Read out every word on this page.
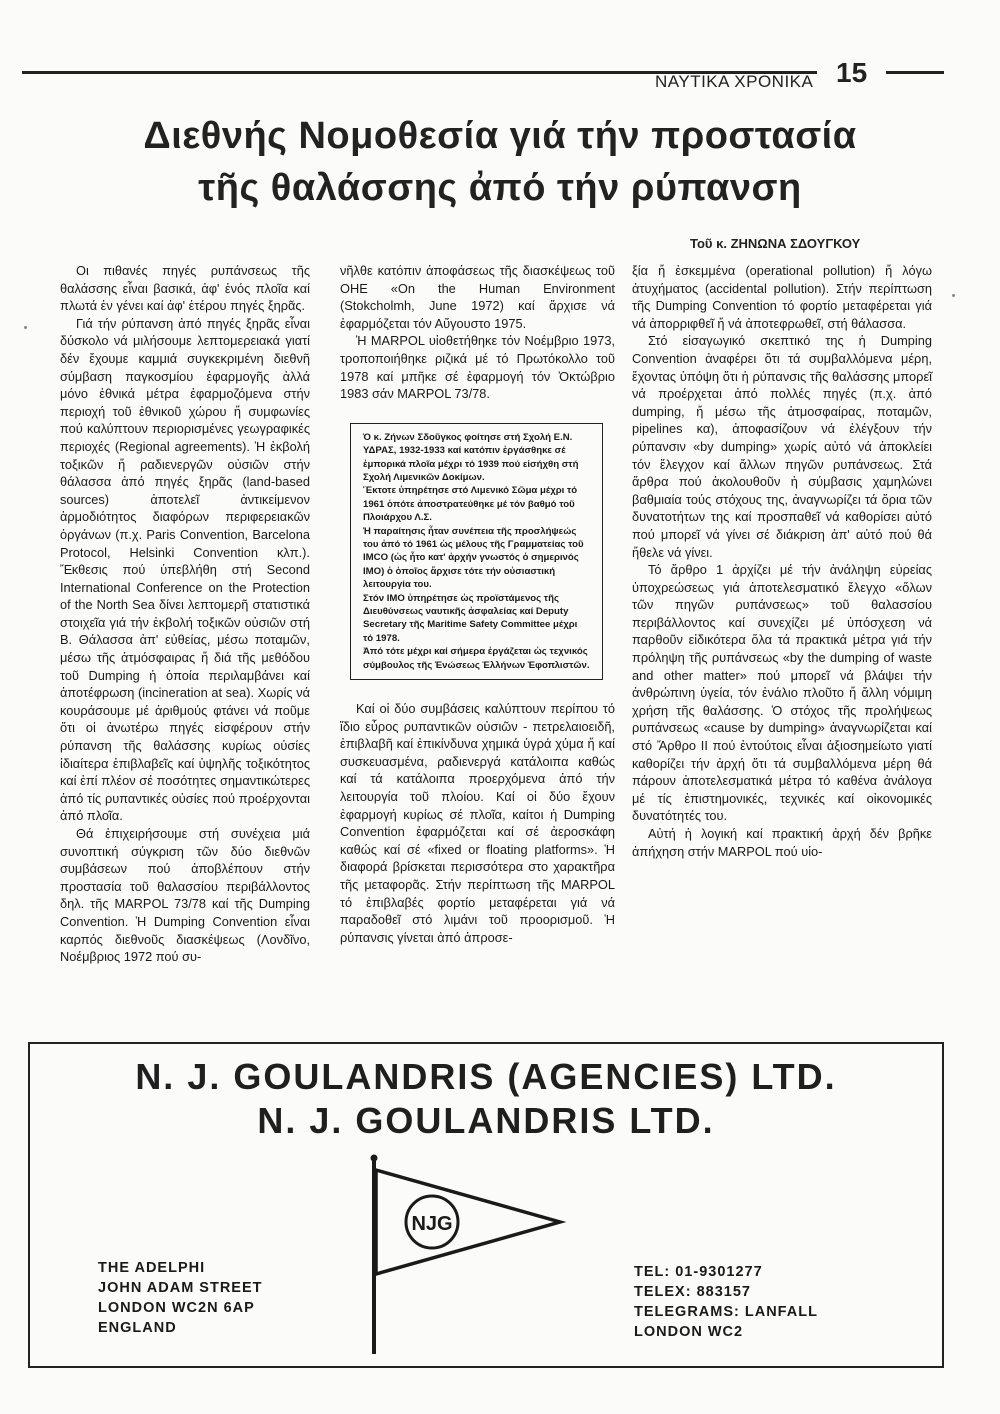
ΝΑΥΤΙΚΑ ΧΡΟΝΙΚΑ 15
Διεθνής Νομοθεσία γιά τήν προστασία
τῆς θαλάσσης ἀπό τήν ρύπανση
Τοῦ κ. ΖΗΝΩΝΑ ΣΔΟΥΓΚΟΥ

Οι πιθανές πηγές ρυπάνσεως τῆς θαλάσσης εἶναι βασικά, ἀφ' ἑνός πλοῖα καί πλωτά ἐν γένει καί ἀφ' ἑτέρου πηγές ξηρᾶς.

Γιά τήν ρύπανση ἀπό πηγές ξηρᾶς εἶναι δύσκολο νά μιλήσουμε λεπτομερειακά γιατί δέν ἔχουμε καμμιά συγκεκριμένη διεθνῆ σύμβαση παγκοσμίου ἐφαρμογῆς ἀλλά μόνο ἐθνικά μέτρα ἐφαρμοζόμενα στήν περιοχή τοῦ ἐθνικοῦ χώρου ἤ συμφωνίες πού καλύπτουν περιορισμένες γεωγραφικές περιοχές (Regional agreements). Ἡ ἐκβολή τοξικῶν ἤ ραδιενεργῶν οὐσιῶν στήν θάλασσα ἀπό πηγές ξηρᾶς (land-based sources) ἀποτελεῖ ἀντικείμενον ἁρμοδιότητος διαφόρων περιφερειακῶν ὀργάνων (π.χ. Paris Convention, Barcelona Protocol, Helsinki Convention κλπ.). Ἔκθεσις πού ὑπεβλήθη στή Second International Conference on the Protection of the North Sea δίνει λεπτομερῆ στατιστικά στοιχεῖα γιά τήν ἐκβολή τοξικῶν οὐσιῶν στή Β. Θάλασσα ἀπ' εὐθείας, μέσω ποταμῶν, μέσω τῆς ἀτμόσφαιρας ἤ διά τῆς μεθόδου τοῦ Dumping ἡ ὁποία περιλαμβάνει καί ἀποτέφρωση (incineration at sea). Χωρίς νά κουράσουμε μέ ἀριθμούς φτάνει νά ποῦμε ὅτι οἱ ἀνωτέρω πηγές εἰσφέρουν στήν ρύπανση τῆς θαλάσσης κυρίως οὐσίες ἰδιαίτερα ἐπιβλαβεῖς καί ὑψηλῆς τοξικότητος καί ἐπί πλέον σέ ποσότητες σημαντικώτερες ἀπό τίς ρυπαντικές οὐσίες πού προέρχονται ἀπό πλοῖα.

Θά ἐπιχειρήσουμε στή συνέχεια μιά συνοπτική σύγκριση τῶν δύο διεθνῶν συμβάσεων πού ἀποβλέπουν στήν προστασία τοῦ θαλασσίου περιβάλλοντος δηλ. τῆς MARPOL 73/78 καί τῆς Dumping Convention. Ἡ Dumping Convention εἶναι καρπός διεθνοῦς διασκέψεως (Λονδῖνο, Νοέμβριος 1972 πού συ-

νῆλθε κατόπιν ἀποφάσεως τῆς διασκέψεως τοῦ ΟΗΕ «On the Human Environment (Stokcholmh, June 1972) καί ἄρχισε νά ἐφαρμόζεται τόν Αὔγουστο 1975.

Ἡ MARPOL υἱοθετήθηκε τόν Νοέμβριο 1973, τροποποιήθηκε ριζικά μέ τό Πρωτόκολλο τοῦ 1978 καί μπῆκε σέ ἐφαρμογή τόν Ὀκτώβριο 1983 σάν MARPOL 73/78.

Ὁ κ. Ζήνων Σδοῦγκος φοίτησε στή Σχολή Ε.Ν. ΥΔΡΑΣ, 1932-1933 καί κατόπιν ἐργάσθηκε σέ ἐμπορικά πλοῖα μέχρι τό 1939 πού εἰσήχθη στή Σχολή Λιμενικῶν Δοκίμων.

Ἔκτοτε ὑπηρέτησε στό Λιμενικό Σῶμα μέχρι τό 1961 ὁπότε ἀποστρατεύθηκε μέ τόν βαθμό τοῦ Πλοιάρχου Λ.Σ.

Ἡ παραίτησις ἦταν συνέπεια τῆς προσλήψεώς του ἀπό τό 1961 ὡς μέλους τῆς Γραμματείας τοῦ IMCO (ὡς ἦτο κατ' ἀρχήν γνωστός ὁ σημερινός IMO) ὁ ὁποῖος ἄρχισε τότε τήν οὐσιαστική λειτουργία του.

Στόν IMO ὑπηρέτησε ὡς προϊστάμενος τῆς Διευθύνσεως ναυτικῆς ἀσφαλείας καί Deputy Secretary τῆς Maritime Safety Committee μέχρι τό 1978.

Ἀπό τότε μέχρι καί σήμερα ἐργάζεται ὡς τεχνικός σύμβουλος τῆς Ἑνώσεως Ἑλλήνων Ἐφοπλιστῶν.

Καί οἱ δύο συμβάσεις καλύπτουν περίπου τό ἴδιο εὖρος ρυπαντικῶν οὐσιῶν - πετρελαιοειδῆ, ἐπιβλαβῆ καί ἐπικίνδυνα χημικά ὑγρά χύμα ἤ καί συσκευασμένα, ραδιενεργά κατάλοιπα καθώς καί τά κατάλοιπα προερχόμενα ἀπό τήν λειτουργία τοῦ πλοίου. Καί οἱ δύο ἔχουν ἐφαρμογή κυρίως σέ πλοῖα, καίτοι ἡ Dumping Convention ἐφαρμόζεται καί σέ ἀεροσκάφη καθώς καί σέ «fixed or floating platforms». Ἡ διαφορά βρίσκεται περισσότερα στο χαρακτῆρα τῆς μεταφορᾶς. Στήν περίπτωση τῆς MARPOL τό ἐπιβλαβές φορτίο μεταφέρεται γιά νά παραδοθεῖ στό λιμάνι τοῦ προορισμοῦ. Ἡ ρύπανσις γίνεται ἀπό ἀπροσε-

ξία ἤ ἐσκεμμένα (operational pollution) ἤ λόγω ἀτυχήματος (accidental pollution). Στήν περίπτωση τῆς Dumping Convention τό φορτίο μεταφέρεται γιά νά ἀπορριφθεῖ ἤ νά ἀποτεφρωθεῖ, στή θάλασσα.

Στό εἰσαγωγικό σκεπτικό της ἡ Dumping Convention ἀναφέρει ὅτι τά συμβαλλόμενα μέρη, ἔχοντας ὑπόψη ὅτι ἡ ρύπανσις τῆς θαλάσσης μπορεῖ νά προέρχεται ἀπό πολλές πηγές (π.χ. ἀπό dumping, ἤ μέσω τῆς ἀτμοσφαίρας, ποταμῶν, pipelines κα), ἀποφασίζουν νά ἐλέγξουν τήν ρύπανσιν «by dumping» χωρίς αὐτό νά ἀποκλείει τόν ἔλεγχον καί ἄλλων πηγῶν ρυπάνσεως. Στά ἄρθρα πού ἀκολουθοῦν ἡ σύμβασις χαμηλώνει βαθμιαία τούς στόχους της, ἀναγνωρίζει τά ὅρια τῶν δυνατοτήτων της καί προσπαθεῖ νά καθορίσει αὐτό πού μπορεῖ νά γίνει σέ διάκριση ἀπ' αὐτό πού θά ἤθελε νά γίνει.

Τό ἄρθρο 1 ἀρχίζει μέ τήν ἀνάληψη εὐρείας ὑποχρεώσεως γιά ἀποτελεσματικό ἔλεγχο «ὅλων τῶν πηγῶν ρυπάνσεως» τοῦ θαλασσίου περιβάλλοντος καί συνεχίζει μέ ὑπόσχεση νά παρθοῦν εἰδικότερα ὅλα τά πρακτικά μέτρα γιά τήν πρόληψη τῆς ρυπάνσεως «by the dumping of waste and other matter» πού μπορεῖ νά βλάψει τήν ἀνθρώπινη ὑγεία, τόν ἐνάλιο πλοῦτο ἤ ἄλλη νόμιμη χρήση τῆς θαλάσσης. Ὁ στόχος τῆς προλήψεως ρυπάνσεως «cause by dumping» ἀναγνωρίζεται καί στό Ἄρθρο ΙΙ πού ἐντούτοις εἶναι ἀξιοσημείωτο γιατί καθορίζει τήν ἀρχή ὅτι τά συμβαλλόμενα μέρη θά πάρουν ἀποτελεσματικά μέτρα τό καθένα ἀνάλογα μέ τίς ἐπιστημονικές, τεχνικές καί οἰκονομικές δυνατότητές του.

Αὐτή ἡ λογική καί πρακτική ἀρχή δέν βρῆκε ἀπήχηση στήν MARPOL πού υἱο-

N. J. GOULANDRIS (AGENCIES) LTD.
N. J. GOULANDRIS LTD.
NJG
THE ADELPHI
JOHN ADAM STREET
LONDON WC2N 6AP
ENGLAND
TEL: 01-9301277
TELEX: 883157
TELEGRAMS: LANFALL
LONDON WC2
